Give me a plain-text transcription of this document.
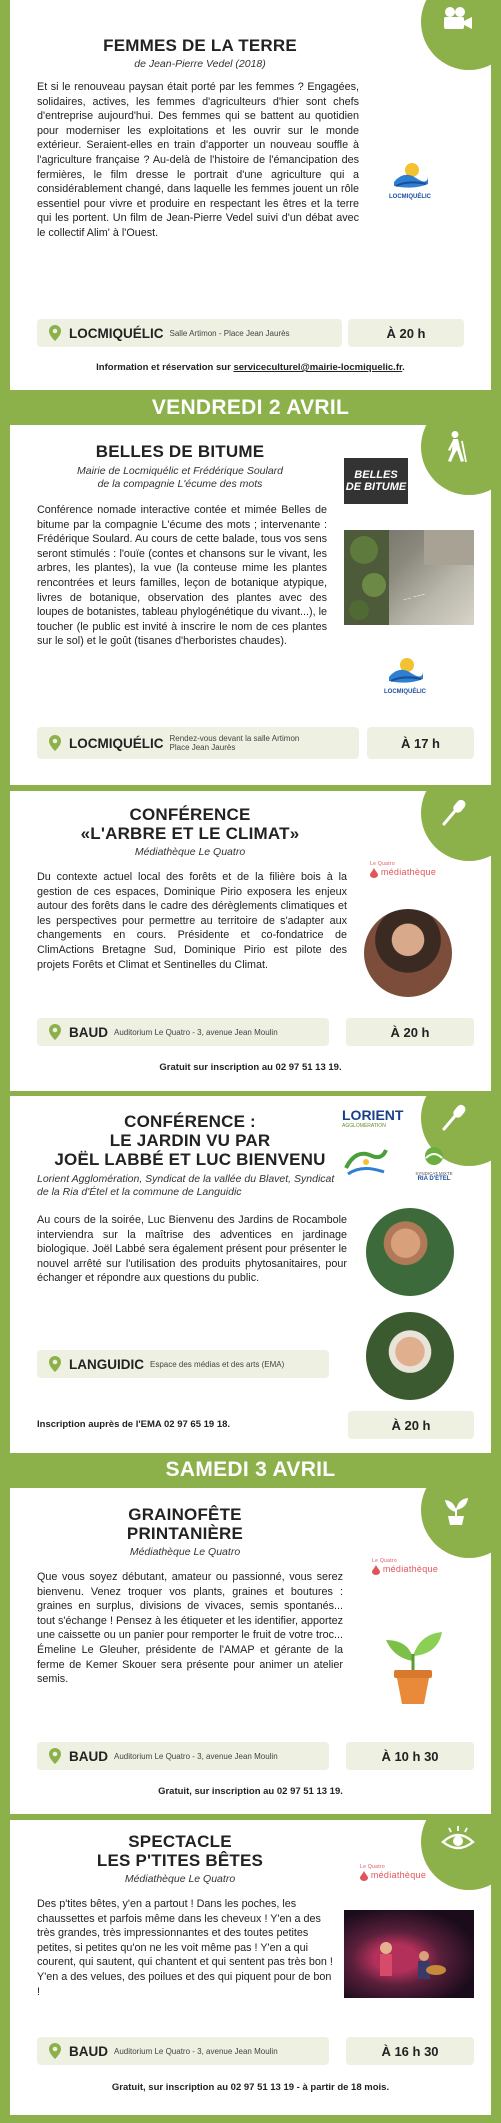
FEMMES DE LA TERRE
de Jean-Pierre Vedel (2018)
Et si le renouveau paysan était porté par les femmes ? Engagées, solidaires, actives, les femmes d'agriculteurs d'hier sont chefs d'entreprise aujourd'hui. Des femmes qui se battent au quotidien pour moderniser les exploitations et les ouvrir sur le monde extérieur. Seraient-elles en train d'apporter un nouveau souffle à l'agriculture française ? Au-delà de l'histoire de l'émancipation des fermières, le film dresse le portrait d'une agriculture qui a considérablement changé, dans laquelle les femmes jouent un rôle essentiel pour vivre et produire en respectant les êtres et la terre qui les portent. Un film de Jean-Pierre Vedel suivi d'un débat avec le collectif Alim' à l'Ouest.
LOCMIQUÉLIC
LOCMIQUÉLIC Salle Artimon - Place Jean Jaurès	À 20 h
Information et réservation sur serviceculturel@mairie-locmiquelic.fr.
VENDREDI 2 AVRIL
BELLES DE BITUME
Mairie de Locmiquélic et Frédérique Soulard
de la compagnie L'écume des mots
Conférence nomade interactive contée et mimée Belles de bitume par la compagnie L'écume des mots ; intervenante : Frédérique Soulard. Au cours de cette balade, tous vos sens seront stimulés : l'ouïe (contes et chansons sur le vivant, les arbres, les plantes), la vue (la conteuse mime les plantes rencontrées et leurs familles, leçon de botanique atypique, livres de botanique, observation des plantes avec des loupes de botanistes, tableau phylogénétique du vivant...), le toucher (le public est invité à inscrire le nom de ces plantes sur le sol) et le goût (tisanes d'herboristes chaudes).
BELLES
DE BITUME
~~ ~~~
LOCMIQUÉLIC
LOCMIQUÉLIC Rendez-vous devant la salle Artimon
Place Jean Jaurès	À 17 h
CONFÉRENCE
«L'ARBRE ET LE CLIMAT»
Médiathèque Le Quatro
Du contexte actuel local des forêts et de la filière bois à la gestion de ces espaces, Dominique Pirio exposera les enjeux autour des forêts dans le cadre des dérèglements climatiques et les perspectives pour permettre au territoire de s'adapter aux changements en cours. Présidente et co-fondatrice de ClimActions Bretagne Sud, Dominique Pirio est pilote des projets Forêts et Climat et Sentinelles du Climat.
Le Quatro
médiathèque
BAUD Auditorium Le Quatro - 3, avenue Jean Moulin	À 20 h
Gratuit sur inscription au 02 97 51 13 19.
CONFÉRENCE :
LE JARDIN VU PAR
JOËL LABBÉ ET LUC BIENVENU
Lorient Agglomération, Syndicat de la vallée du Blavet, Syndicat de la Ria d'Étel et la commune de Languidic
Au cours de la soirée, Luc Bienvenu des Jardins de Rocambole interviendra sur la maîtrise des adventices en jardinage biologique. Joël Labbé sera également présent pour présenter le nouvel arrêté sur l'utilisation des produits phytosanitaires, pour échanger et répondre aux questions du public.
LORIENT
AGGLOMÉRATION
SYNDICAT MIXTE
RIA D'ÉTEL
LANGUIDIC Espace des médias et des arts (EMA)
Inscription auprès de l'EMA 02 97 65 19 18.	À 20 h
SAMEDI 3 AVRIL
GRAINOFÊTE
PRINTANIÈRE
Médiathèque Le Quatro
Que vous soyez débutant, amateur ou passionné, vous serez bienvenu. Venez troquer vos plants, graines et boutures : graines en surplus, divisions de vivaces, semis spontanés... tout s'échange ! Pensez à les étiqueter et les identifier, apportez une caissette ou un panier pour remporter le fruit de votre troc... Émeline Le Gleuher, présidente de l'AMAP et gérante de la ferme de Kemer Skouer sera présente pour animer un atelier semis.
Le Quatro
médiathèque
BAUD Auditorium Le Quatro - 3, avenue Jean Moulin	À 10 h 30
Gratuit, sur inscription au 02 97 51 13 19.
SPECTACLE
LES P'TITES BÊTES
Médiathèque Le Quatro
Des p'tites bêtes, y'en a partout ! Dans les poches, les chaussettes et parfois même dans les cheveux ! Y'en a des très grandes, très impressionnantes et des toutes petites petites, si petites qu'on ne les voit même pas ! Y'en a qui courent, qui sautent, qui chantent et qui sentent pas très bon ! Y'en a des velues, des poilues et des qui piquent pour de bon !
Le Quatro
médiathèque
BAUD Auditorium Le Quatro - 3, avenue Jean Moulin	À 16 h 30
Gratuit, sur inscription au 02 97 51 13 19 - à partir de 18 mois.
